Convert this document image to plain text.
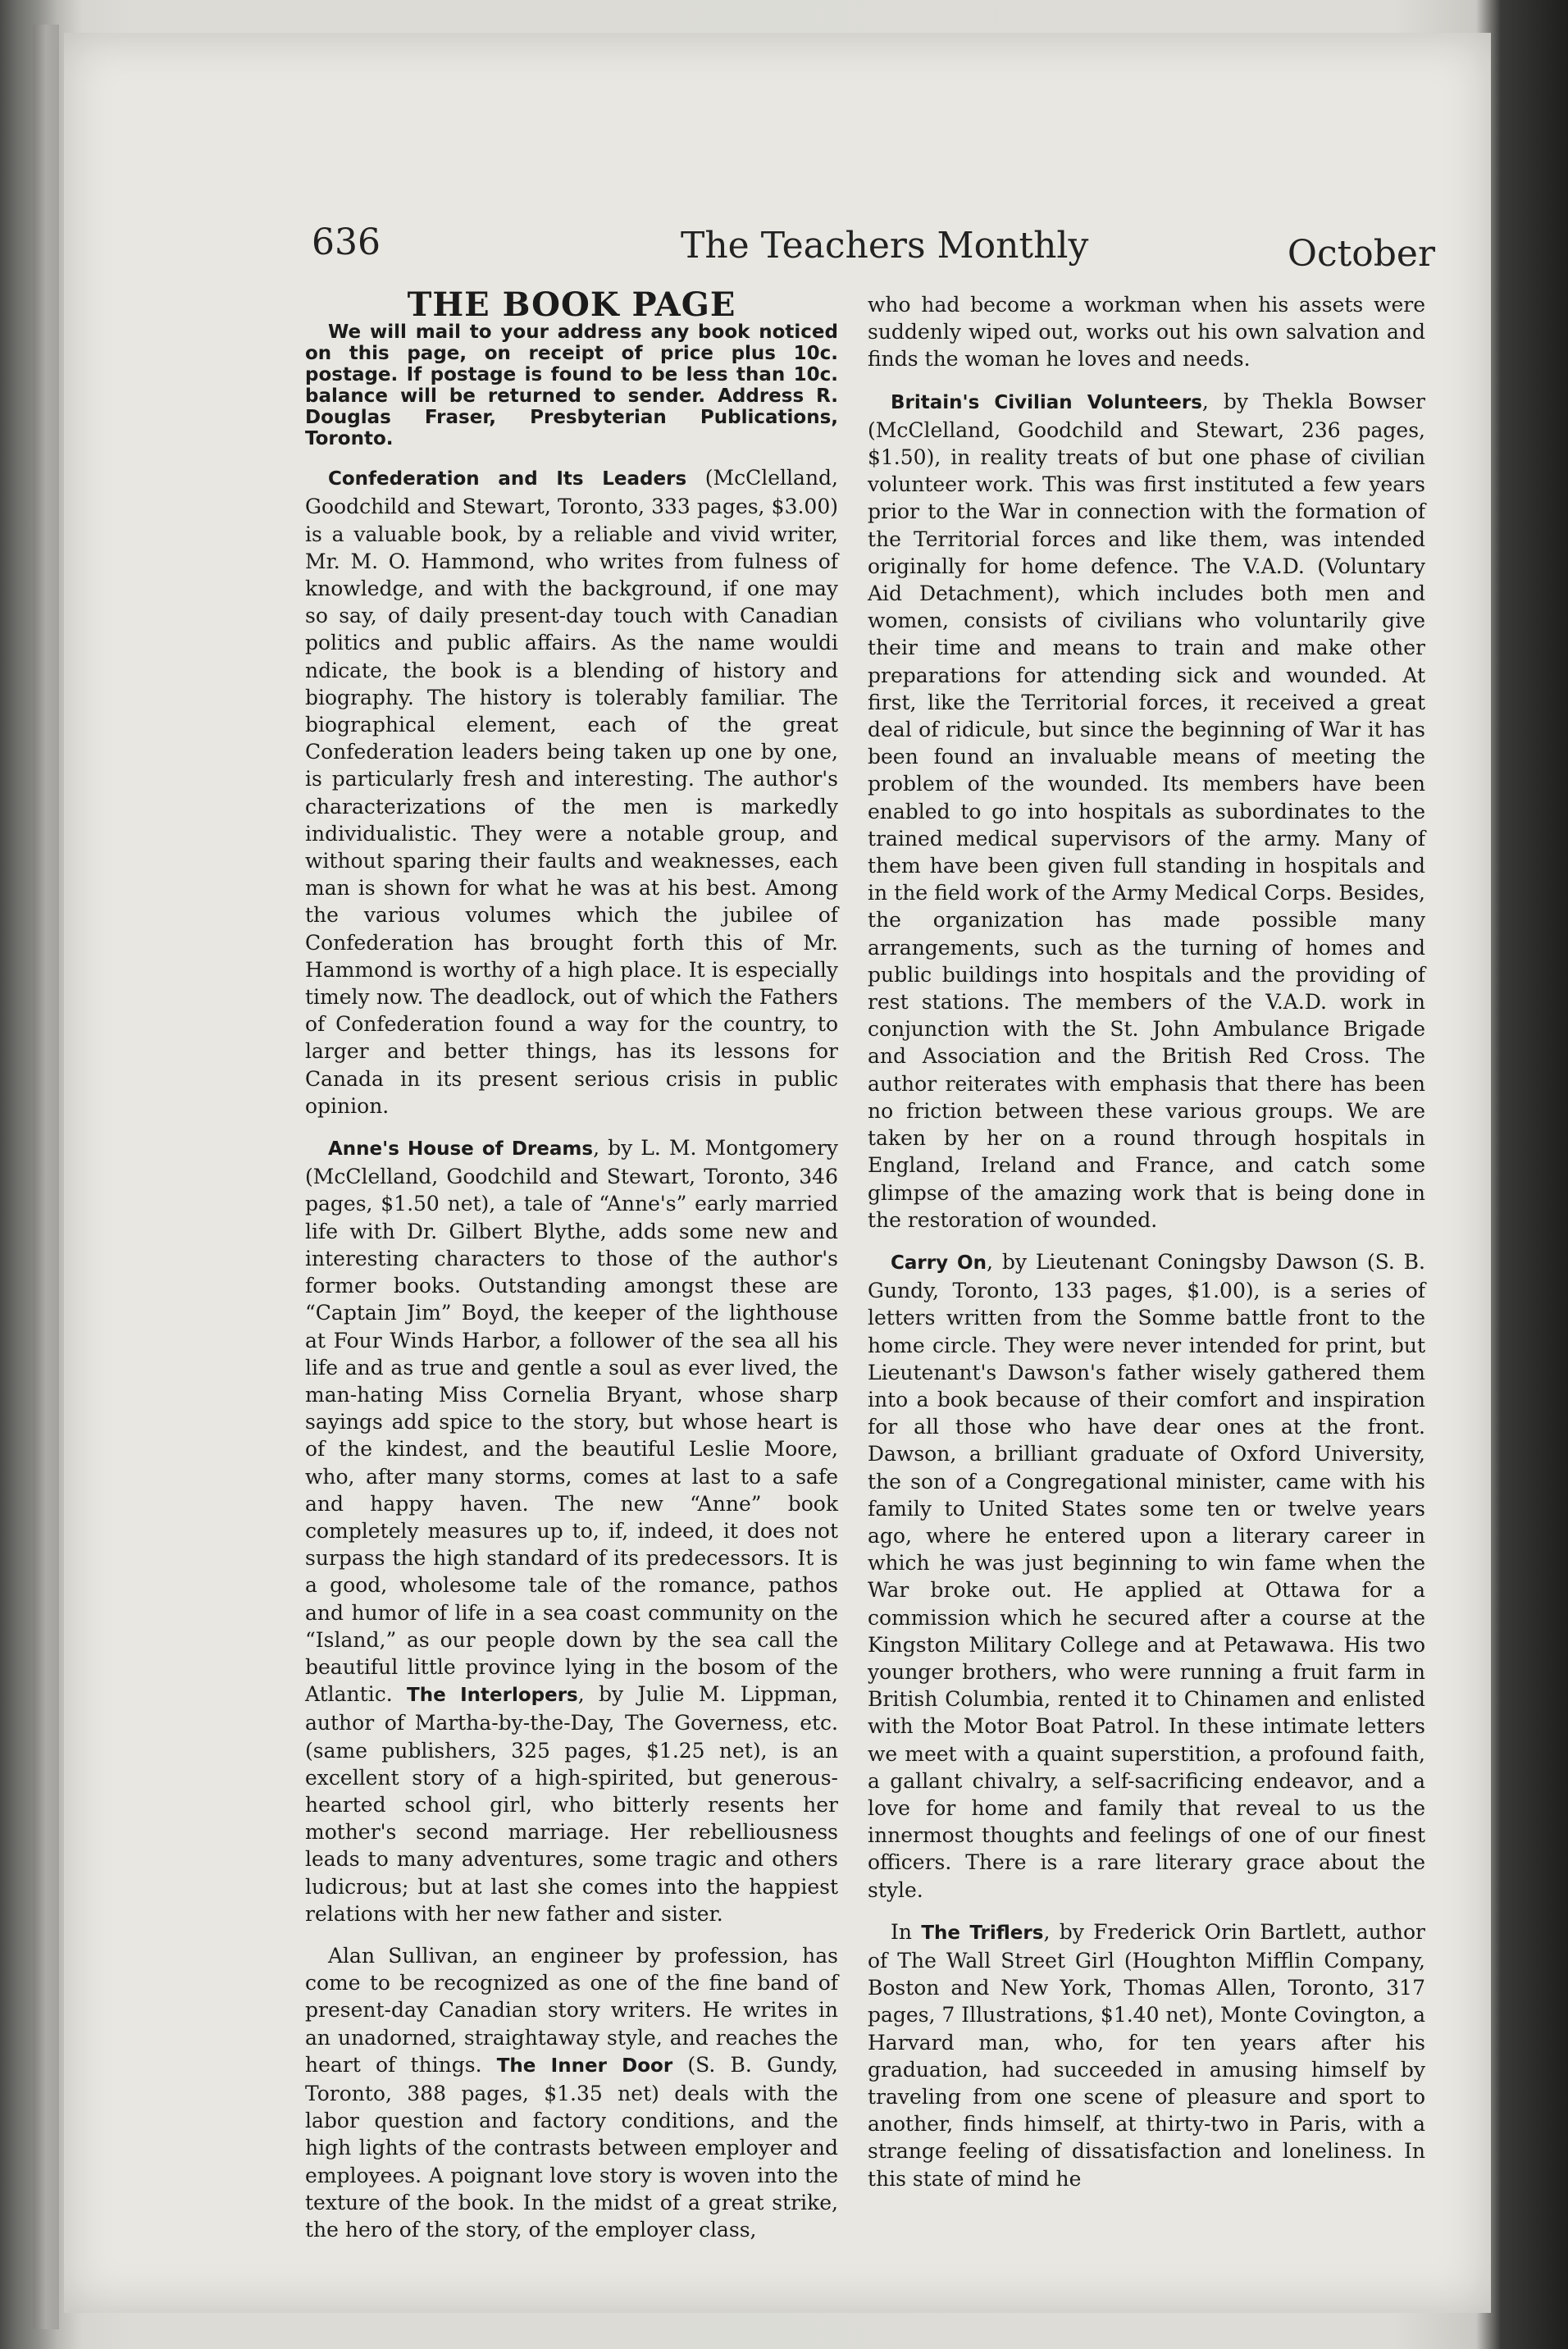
636	The Teachers Monthly	October
THE BOOK PAGE
We will mail to your address any book noticed on this page, on receipt of price plus 10c. postage. If postage is found to be less than 10c. balance will be returned to sender. Address R. Douglas Fraser, Presbyterian Publications, Toronto.

Confederation and Its Leaders (McClelland, Goodchild and Stewart, Toronto, 333 pages, $3.00) is a valuable book, by a reliable and vivid writer, Mr. M. O. Hammond, who writes from fulness of knowledge, and with the background, if one may so say, of daily present-day touch with Canadian politics and public affairs. As the name wouldi ndicate, the book is a blending of history and biography. The history is tolerably familiar. The biographical element, each of the great Confederation leaders being taken up one by one, is particularly fresh and interesting. The author's characterizations of the men is markedly individualistic. They were a notable group, and without sparing their faults and weaknesses, each man is shown for what he was at his best. Among the various volumes which the jubilee of Confederation has brought forth this of Mr. Hammond is worthy of a high place. It is especially timely now. The deadlock, out of which the Fathers of Confederation found a way for the country, to larger and better things, has its lessons for Canada in its present serious crisis in public opinion.

Anne's House of Dreams, by L. M. Montgomery (McClelland, Goodchild and Stewart, Toronto, 346 pages, $1.50 net), a tale of “Anne's” early married life with Dr. Gilbert Blythe, adds some new and interesting characters to those of the author's former books. Outstanding amongst these are “Captain Jim” Boyd, the keeper of the lighthouse at Four Winds Harbor, a follower of the sea all his life and as true and gentle a soul as ever lived, the man-hating Miss Cornelia Bryant, whose sharp sayings add spice to the story, but whose heart is of the kindest, and the beautiful Leslie Moore, who, after many storms, comes at last to a safe and happy haven. The new “Anne” book completely measures up to, if, indeed, it does not surpass the high standard of its predecessors. It is a good, wholesome tale of the romance, pathos and humor of life in a sea coast community on the “Island,” as our people down by the sea call the beautiful little province lying in the bosom of the Atlantic. The Interlopers, by Julie M. Lippman, author of Martha-by-the-Day, The Governess, etc. (same publishers, 325 pages, $1.25 net), is an excellent story of a high-spirited, but generous-hearted school girl, who bitterly resents her mother's second marriage. Her rebelliousness leads to many adventures, some tragic and others ludicrous; but at last she comes into the happiest relations with her new father and sister.

Alan Sullivan, an engineer by profession, has come to be recognized as one of the fine band of present-day Canadian story writers. He writes in an unadorned, straightaway style, and reaches the heart of things. The Inner Door (S. B. Gundy, Toronto, 388 pages, $1.35 net) deals with the labor question and factory conditions, and the high lights of the contrasts between employer and employees. A poignant love story is woven into the texture of the book. In the midst of a great strike, the hero of the story, of the employer class,

who had become a workman when his assets were suddenly wiped out, works out his own salvation and finds the woman he loves and needs.

Britain's Civilian Volunteers, by Thekla Bowser (McClelland, Goodchild and Stewart, 236 pages, $1.50), in reality treats of but one phase of civilian volunteer work. This was first instituted a few years prior to the War in connection with the formation of the Territorial forces and like them, was intended originally for home defence. The V.A.D. (Voluntary Aid Detachment), which includes both men and women, consists of civilians who voluntarily give their time and means to train and make other preparations for attending sick and wounded. At first, like the Territorial forces, it received a great deal of ridicule, but since the beginning of War it has been found an invaluable means of meeting the problem of the wounded. Its members have been enabled to go into hospitals as subordinates to the trained medical supervisors of the army. Many of them have been given full standing in hospitals and in the field work of the Army Medical Corps. Besides, the organization has made possible many arrangements, such as the turning of homes and public buildings into hospitals and the providing of rest stations. The members of the V.A.D. work in conjunction with the St. John Ambulance Brigade and Association and the British Red Cross. The author reiterates with emphasis that there has been no friction between these various groups. We are taken by her on a round through hospitals in England, Ireland and France, and catch some glimpse of the amazing work that is being done in the restoration of wounded.

Carry On, by Lieutenant Coningsby Dawson (S. B. Gundy, Toronto, 133 pages, $1.00), is a series of letters written from the Somme battle front to the home circle. They were never intended for print, but Lieutenant's Dawson's father wisely gathered them into a book because of their comfort and inspiration for all those who have dear ones at the front. Dawson, a brilliant graduate of Oxford University, the son of a Congregational minister, came with his family to United States some ten or twelve years ago, where he entered upon a literary career in which he was just beginning to win fame when the War broke out. He applied at Ottawa for a commission which he secured after a course at the Kingston Military College and at Petawawa. His two younger brothers, who were running a fruit farm in British Columbia, rented it to Chinamen and enlisted with the Motor Boat Patrol. In these intimate letters we meet with a quaint superstition, a profound faith, a gallant chivalry, a self-sacrificing endeavor, and a love for home and family that reveal to us the innermost thoughts and feelings of one of our finest officers. There is a rare literary grace about the style.

In The Triflers, by Frederick Orin Bartlett, author of The Wall Street Girl (Houghton Mifflin Company, Boston and New York, Thomas Allen, Toronto, 317 pages, 7 Illustrations, $1.40 net), Monte Covington, a Harvard man, who, for ten years after his graduation, had succeeded in amusing himself by traveling from one scene of pleasure and sport to another, finds himself, at thirty-two in Paris, with a strange feeling of dissatisfaction and loneliness. In this state of mind he
